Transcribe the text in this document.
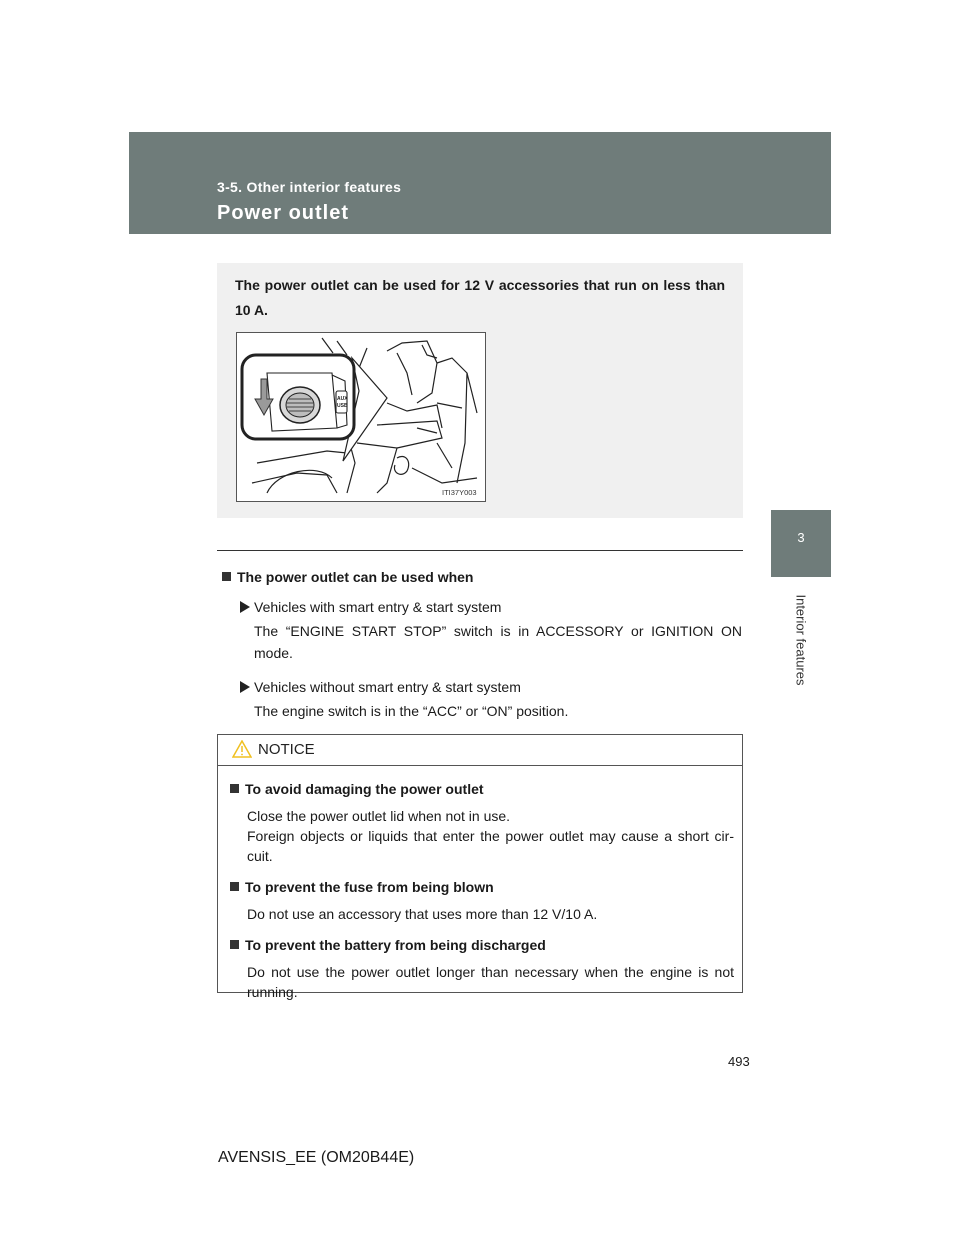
3-5. Other interior features
Power outlet
3
Interior features

The power outlet can be used for 12 V accessories that run on less than 10 A.

AUX
USB
ITI37Y003

The power outlet can be used when

Vehicles with smart entry & start system

The “ENGINE START STOP” switch is in ACCESSORY or IGNITION ON mode.

Vehicles without smart entry & start system

The engine switch is in the “ACC” or “ON” position.

NOTICE

To avoid damaging the power outlet

Close the power outlet lid when not in use.
Foreign objects or liquids that enter the power outlet may cause a short cir-cuit.

To prevent the fuse from being blown

Do not use an accessory that uses more than 12 V/10 A.

To prevent the battery from being discharged

Do not use the power outlet longer than necessary when the engine is not running.

493
AVENSIS_EE (OM20B44E)
